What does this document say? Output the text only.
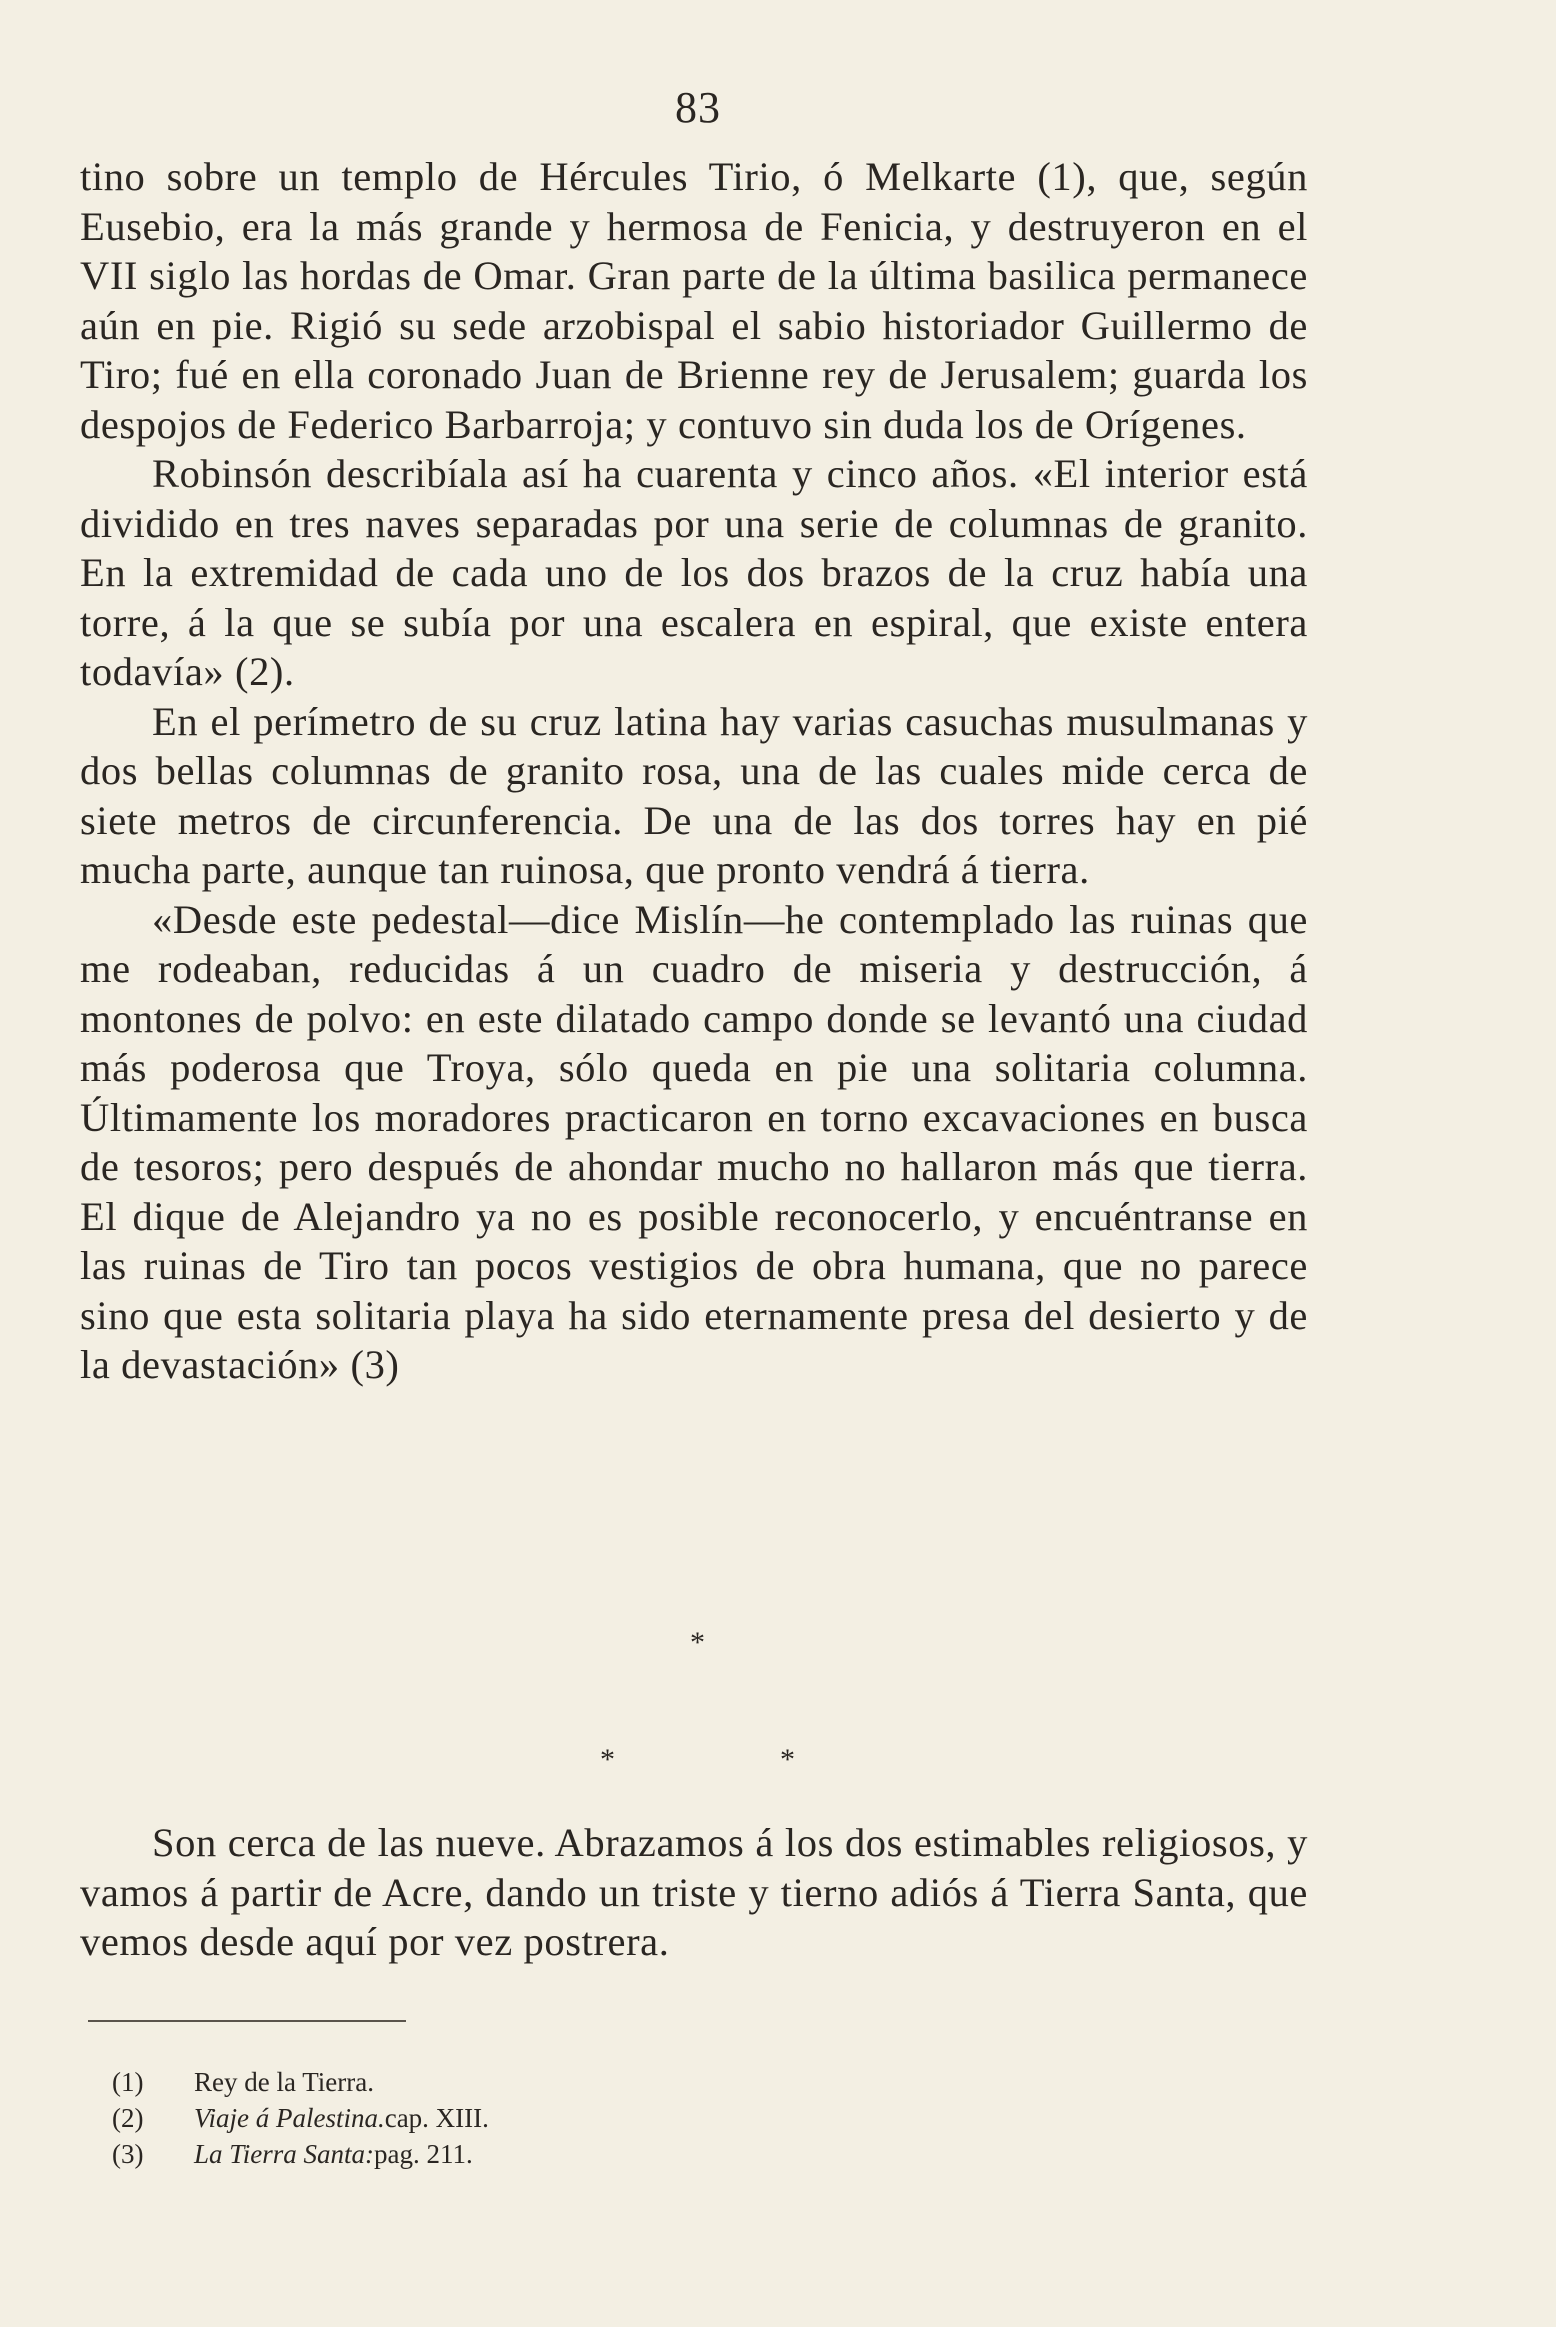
83

tino sobre un templo de Hércules Tirio, ó Melkarte (1), que, según Eusebio, era la más grande y hermosa de Fenicia, y destruyeron en el VII siglo las hordas de Omar. Gran parte de la última basilica permanece aún en pie. Rigió su sede arzobispal el sabio historiador Guillermo de Tiro; fué en ella coronado Juan de Brienne rey de Jerusalem; guarda los despojos de Federico Barbarroja; y contuvo sin duda los de Orígenes.

Robinsón describíala así ha cuarenta y cinco años. «El interior está dividido en tres naves separadas por una serie de columnas de granito. En la extremidad de cada uno de los dos brazos de la cruz había una torre, á la que se subía por una escalera en espiral, que existe entera todavía» (2).

En el perímetro de su cruz latina hay varias casuchas musulmanas y dos bellas columnas de granito rosa, una de las cuales mide cerca de siete metros de circunferencia. De una de las dos torres hay en pié mucha parte, aunque tan ruinosa, que pronto vendrá á tierra.

«Desde este pedestal—dice Mislín—he contemplado las ruinas que me rodeaban, reducidas á un cuadro de miseria y destrucción, á montones de polvo: en este dilatado campo donde se levantó una ciudad más poderosa que Troya, sólo queda en pie una solitaria columna. Últimamente los moradores practicaron en torno excavaciones en busca de tesoros; pero después de ahondar mucho no hallaron más que tierra. El dique de Alejandro ya no es posible reconocerlo, y encuéntranse en las ruinas de Tiro tan pocos vestigios de obra humana, que no parece sino que esta solitaria playa ha sido eternamente presa del desierto y de la devastación» (3)

*
*	*

Son cerca de las nueve. Abrazamos á los dos estimables religiosos, y vamos á partir de Acre, dando un triste y tierno adiós á Tierra Santa, que vemos desde aquí por vez postrera.

(1)	Rey de la Tierra.
(2)	Viaje á Palestina. cap. XIII.
(3)	La Tierra Santa: pag. 211.
